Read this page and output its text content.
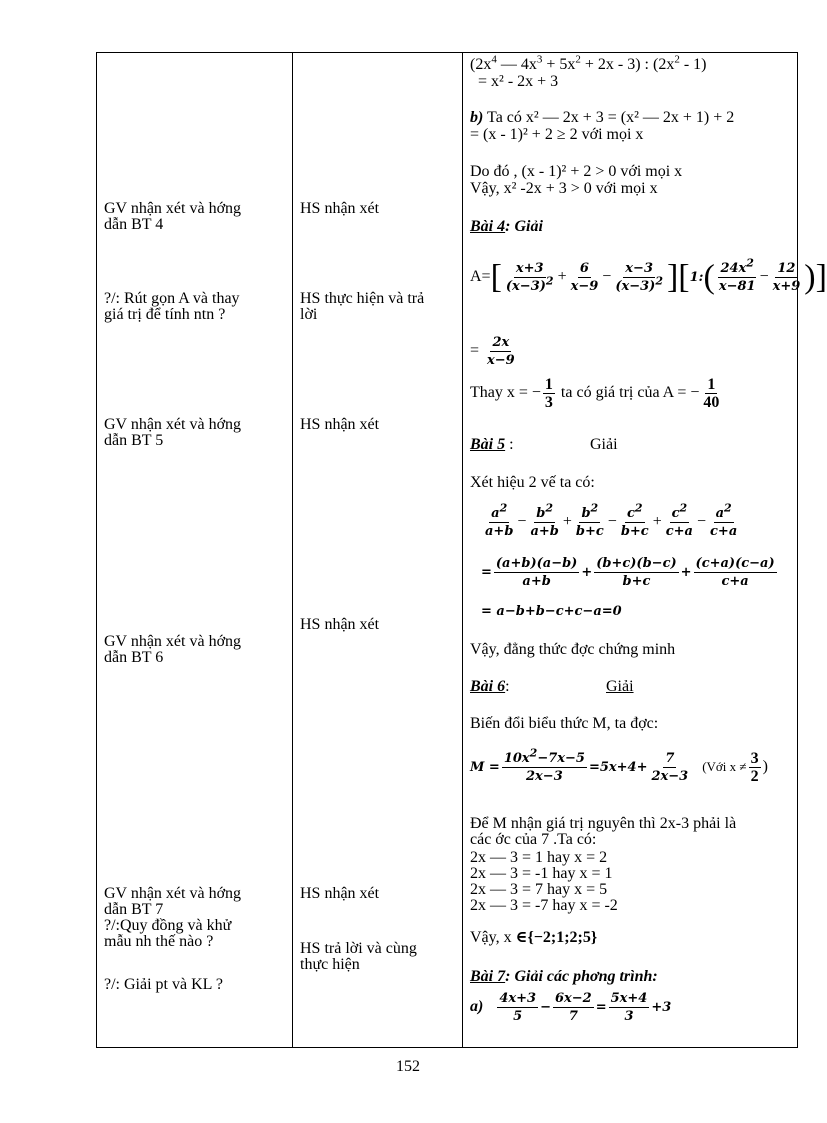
GV nhận xét và hớng
dẫn BT 4
?/: Rút gọn A và thay
giá trị để tính ntn ?
GV nhận xét và hớng
dẫn BT 5
GV nhận xét và hớng
dẫn BT 6
GV nhận xét và hớng
dẫn BT 7
?/:Quy đồng và khử
mẫu nh thế nào ?
?/: Giải pt và KL ?
HS nhận xét
HS thực hiện và trả
lời
HS nhận xét
HS nhận xét
HS nhận xét
HS trả lời và cùng
thực hiện
($2x^4$ — $4x^3 + 5x^2 + 2x - 3$) : $(2x^2 - 1)$
= x² - 2x + 3
b) Ta có x² — 2x + 3 = (x² — 2x + 1) + 2
= (x - 1)² + 2 ≥ 2 với mọi x
Do đó , (x - 1)² + 2 > 0 với mọi x
Vậy, x² -2x + 3 > 0 với mọi x
Bài 4: Giải
$A=[ \frac{x+3}{(x-3)^2} + \frac{6}{x-9} - \frac{x-3}{(x-3)^2}$ ][1:( $\frac{24x^2}{x-81} - \frac{12}{x+9}$ )]
= $\frac{2x}{x-9}$
Thay x = − $\frac{1}{3}$ ta có giá trị của A = − $\frac{1}{40}$
Bài 5 :	Giải
Xét hiệu 2 vế ta có:
$\frac{a^2}{a+b} - \frac{b^2}{a+b} + \frac{b^2}{b+c} - \frac{c^2}{b+c} + \frac{c^2}{c+a} - \frac{a^2}{c+a}$
= $\frac{(a+b)(a-b)}{a+b} + \frac{(b+c)(b-c)}{b+c} + \frac{(c+a)(c-a)}{c+a}$
= a−b+b−c+c−a=0
Vậy, đẳng thức đợc chứng minh
Bài 6:	Giải
Biến đổi biểu thức M, ta đợc:
$M = \frac{10x^2-7x-5}{2x-3} =5x+4+ \frac{7}{2x-3}$ (Với $x \ne \frac{3}{2}$ )
Để M nhận giá trị nguyên thì 2x-3 phải là
các ớc của 7 .Ta có:
2x — 3 = 1 hay x = 2
2x — 3 = -1 hay x = 1
2x — 3 = 7 hay x = 5
2x — 3 = -7 hay x = -2
Vậy, x ∈{−2;1;2;5}
Bài 7: Giải các phơng trình:
$a) \frac{4x+3}{5} - \frac{6x-2}{7} = \frac{5x+4}{3} +3$
152
